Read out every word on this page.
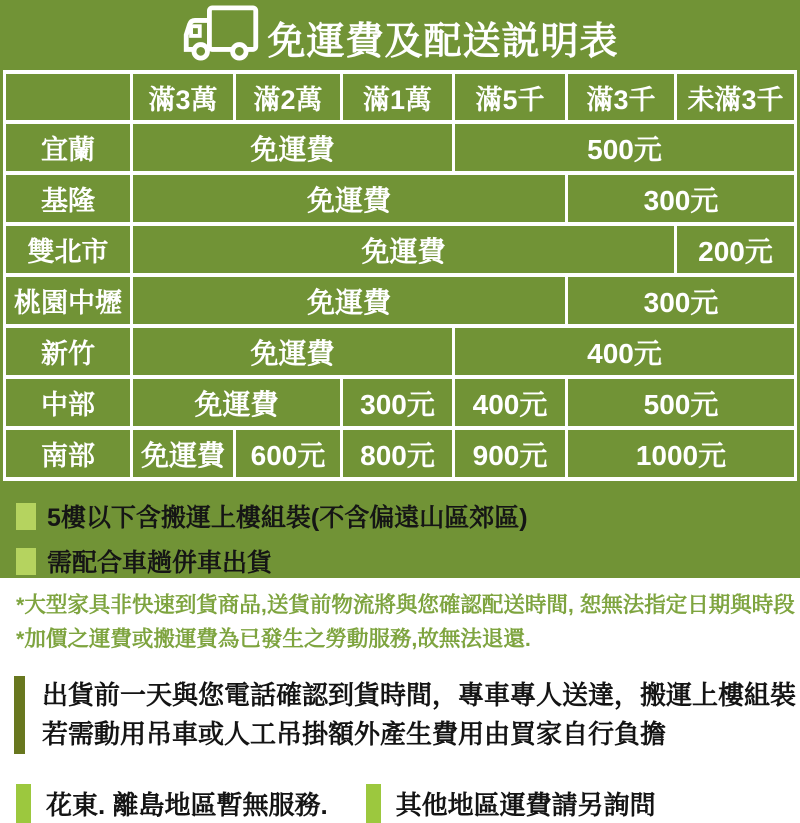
免運費及配送説明表
	滿3萬	滿2萬	滿1萬	滿5千	滿3千	未滿3千
宜蘭	免運費			500元		
基隆	免運費				300元	
雙北市	免運費					200元
桃園中壢	免運費				300元	
新竹	免運費			400元		
中部	免運費		300元	400元	500元	
南部	免運費	600元	800元	900元	1000元	
5樓以下含搬運上樓組裝(不含偏遠山區郊區)
需配合車趟併車出貨
*大型家具非快速到貨商品,送貨前物流將與您確認配送時間, 恕無法指定日期與時段
*加價之運費或搬運費為已發生之勞動服務,故無法退還.
出貨前一天與您電話確認到貨時間，專車專人送達，搬運上樓組裝
若需動用吊車或人工吊掛額外產生費用由買家自行負擔
花東. 離島地區暫無服務.	其他地區運費請另詢問
